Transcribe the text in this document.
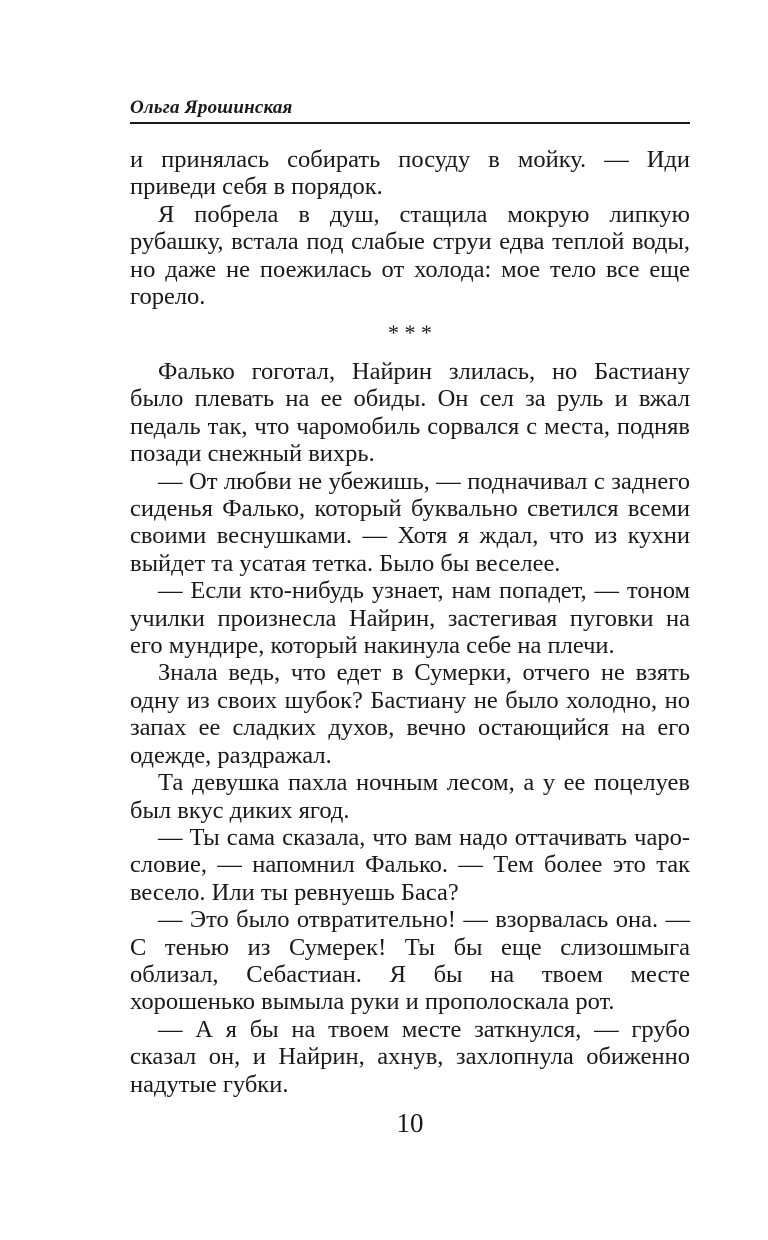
Ольга Ярошинская

и принялась собирать посуду в мойку. — Иди приведи себя в порядок.

Я побрела в душ, стащила мокрую липкую рубашку, встала под слабые струи едва теплой воды, но даже не поежилась от холода: мое тело все еще горело.

* * *

Фалько гоготал, Найрин злилась, но Бастиану было плевать на ее обиды. Он сел за руль и вжал педаль так, что чаромобиль сорвался с места, подняв позади снежный вихрь.

— От любви не убежишь, — подначивал с заднего сиденья Фалько, который буквально светился всеми своими веснушками. — Хотя я ждал, что из кухни выйдет та усатая тетка. Было бы веселее.

— Если кто-нибудь узнает, нам попадет, — тоном училки произнесла Найрин, застегивая пуговки на его мундире, который накинула себе на плечи.

Знала ведь, что едет в Сумерки, отчего не взять одну из своих шубок? Бастиану не было холодно, но запах ее сладких духов, вечно остающийся на его одежде, раздражал.

Та девушка пахла ночным лесом, а у ее поцелуев был вкус диких ягод.

— Ты сама сказала, что вам надо оттачивать чарословие, — напомнил Фалько. — Тем более это так весело. Или ты ревнуешь Баса?

— Это было отвратительно! — взорвалась она. — С тенью из Сумерек! Ты бы еще слизошмыга облизал, Себастиан. Я бы на твоем месте хорошенько вымыла руки и прополоскала рот.

— А я бы на твоем месте заткнулся, — грубо сказал он, и Найрин, ахнув, захлопнула обиженно надутые губки.

10
